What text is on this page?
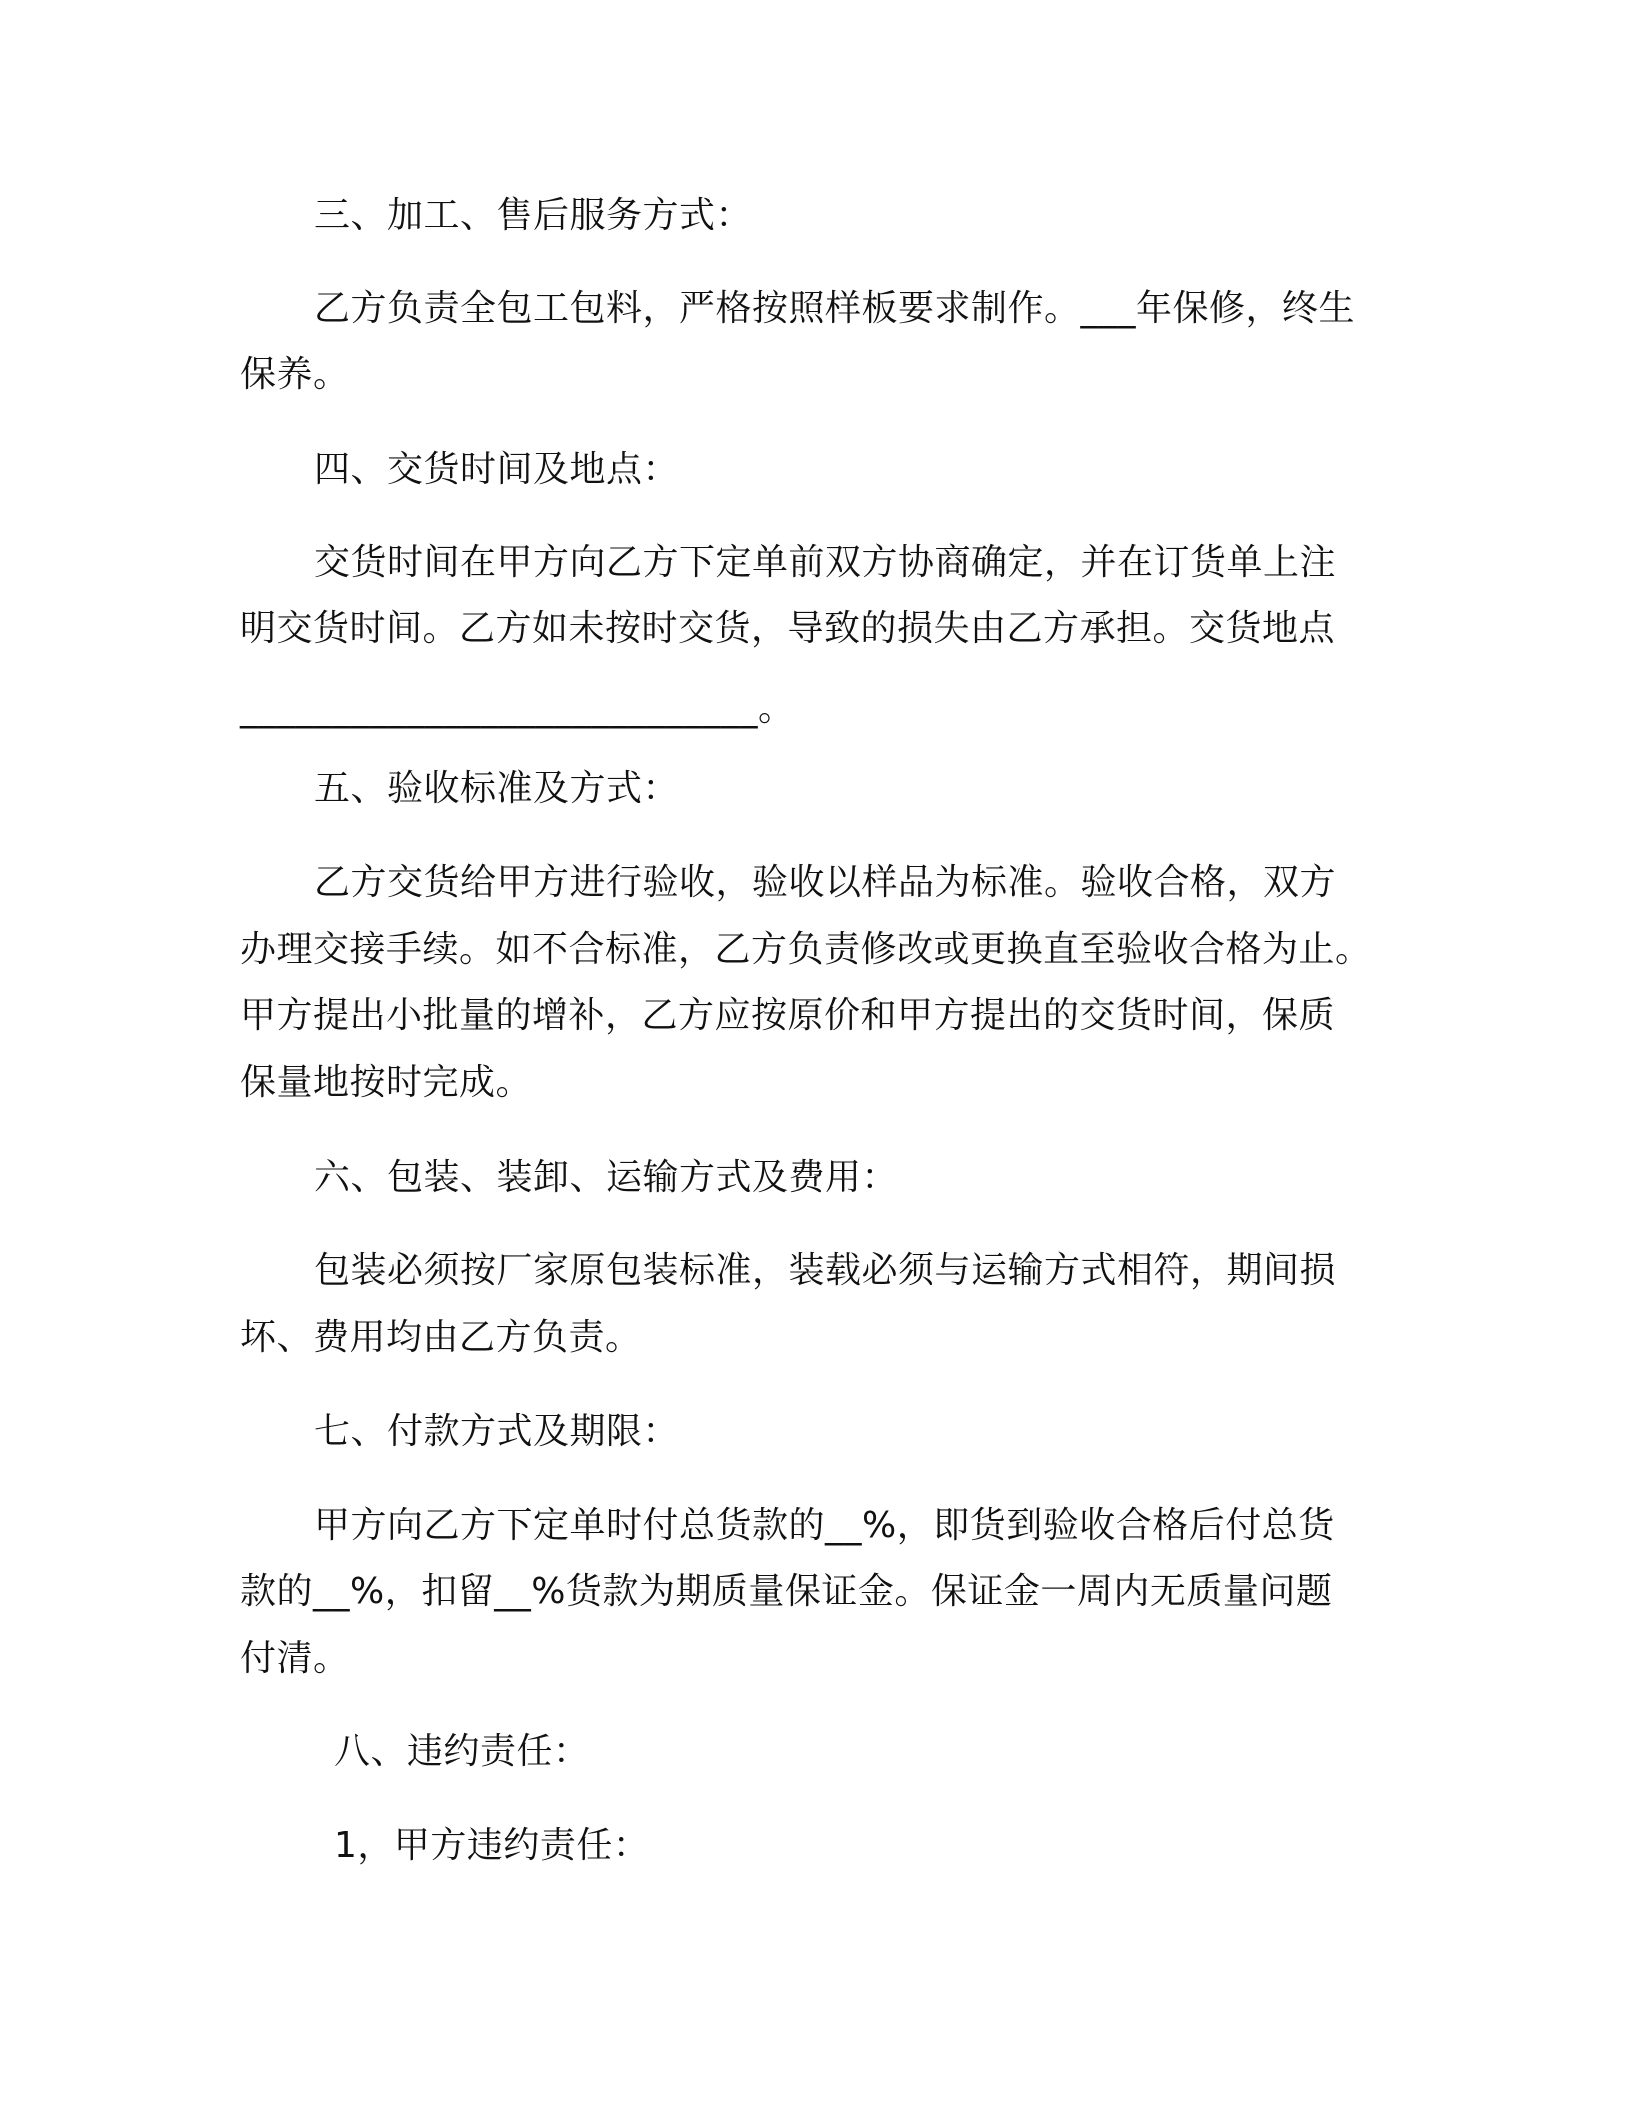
三、加工、售后服务方式：
乙方负责全包工包料，严格按照样板要求制作。___年保修，终生
保养。
四、交货时间及地点：
交货时间在甲方向乙方下定单前双方协商确定，并在订货单上注
明交货时间。乙方如未按时交货，导致的损失由乙方承担。交货地点
____________________________。
五、验收标准及方式：
乙方交货给甲方进行验收，验收以样品为标准。验收合格，双方
办理交接手续。如不合标准，乙方负责修改或更换直至验收合格为止。
甲方提出小批量的增补，乙方应按原价和甲方提出的交货时间，保质
保量地按时完成。
六、包装、装卸、运输方式及费用：
包装必须按厂家原包装标准，装载必须与运输方式相符，期间损
坏、费用均由乙方负责。
七、付款方式及期限：
甲方向乙方下定单时付总货款的__%，即货到验收合格后付总货
款的__%，扣留__%货款为期质量保证金。保证金一周内无质量问题
付清。
八、违约责任：
1，甲方违约责任：
